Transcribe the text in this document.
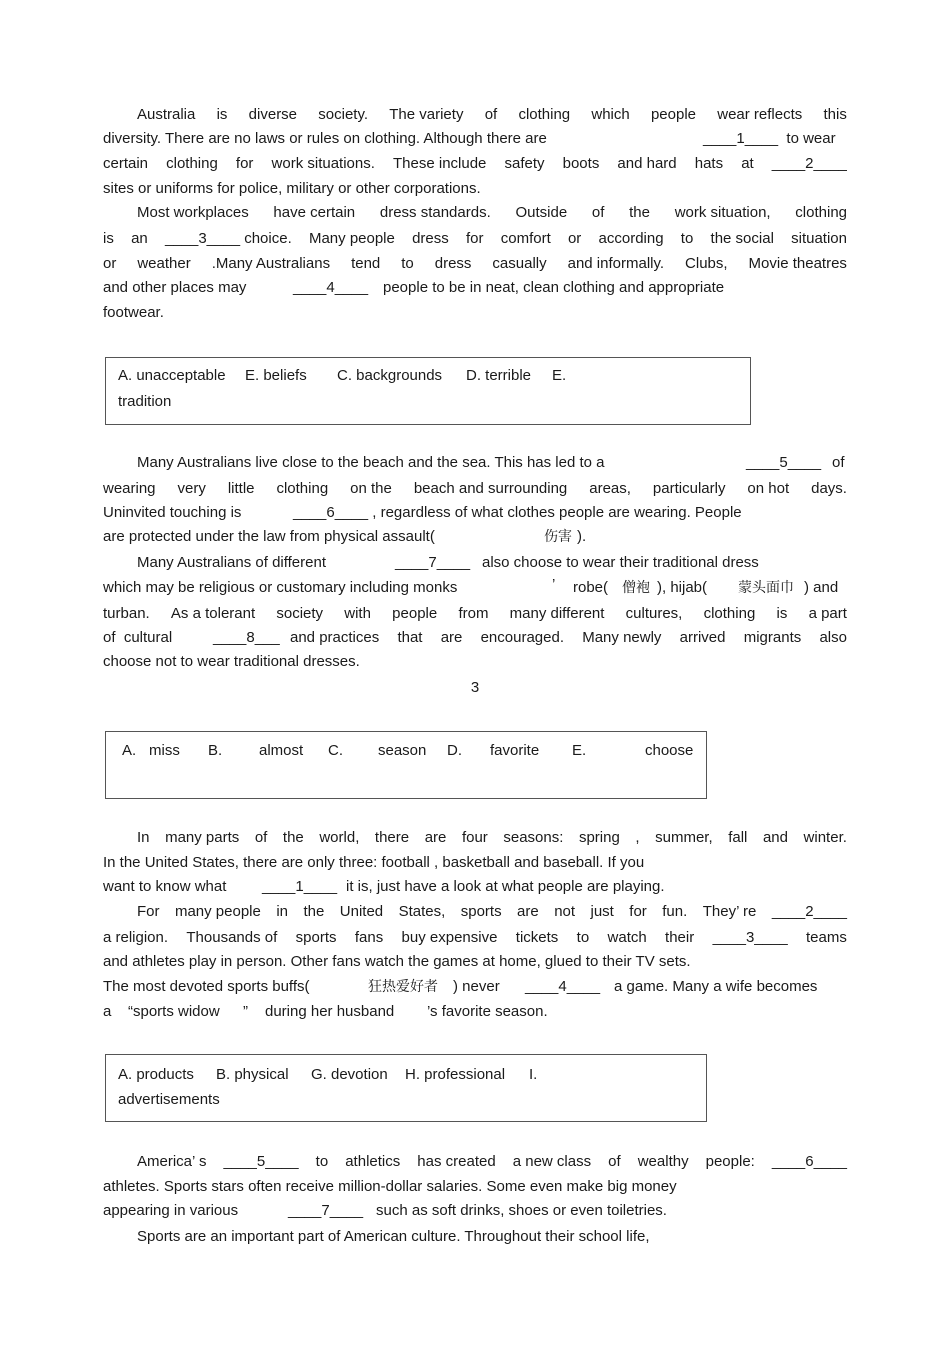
Australia is diverse society. The variety of clothing which people wear reflects this
diversity. There are no laws or rules on clothing. Although there are	____1____  to wear
certain clothing for work situations. These include safety boots and hard hats at ____2____
sites or uniforms for police, military or other corporations.
Most workplaces have certain dress standards. Outside of the work situation, clothing
is an ____3____ choice. Many people dress for comfort or according to the social situation
or weather .Many Australians tend to dress casually and informally. Clubs, Movie theatres
and other places may	____4____ people to be in neat, clean clothing and appropriate
footwear.
A. unacceptable E. beliefs C. backgrounds D. terrible E.
tradition
Many Australians live close to the beach and the sea. This has led to a	____5____ of
wearing very little clothing on the beach and surrounding areas, particularly on hot days.
Uninvited touching is	____6____ , regardless of what clothes people are wearing. People
are protected under the law from physical assault(	伤害 ).
Many Australians of different	____7____ also choose to wear their traditional dress
which may be religious or customary including monks	’ robe( 僧袍 ), hijab( 蒙头面巾 ) and
turban. As a tolerant society with people from many different cultures, clothing is a part
of  cultural	____8___ and practices that are encouraged. Many newly arrived migrants also
choose not to wear traditional dresses.
3
A. miss B. almost C. season D. favorite E.	choose
In many parts of the world, there are four seasons: spring , summer, fall and winter.
In the United States, there are only three: football , basketball and baseball. If you
want to know what ____1____ it is, just have a look at what people are playing.
For many people in the United States, sports are not just for fun. They’ re ____2____
a religion. Thousands of sports fans buy expensive tickets to watch their ____3____ teams
and athletes play in person. Other fans watch the games at home, glued to their TV sets.
The most devoted sports buffs(	狂热爱好者 ) never ____4____ a game. Many a wife becomes
a “sports widow ” during her husband ’s favorite season.
A. products B. physical G. devotion H. professional I.
advertisements
America’ s ____5____ to athletics has created a new class of wealthy people: ____6____
athletes. Sports stars often receive million-dollar salaries. Some even make big money
appearing in various	____7____ such as soft drinks, shoes or even toiletries.
Sports are an important part of American culture. Throughout their school life,
